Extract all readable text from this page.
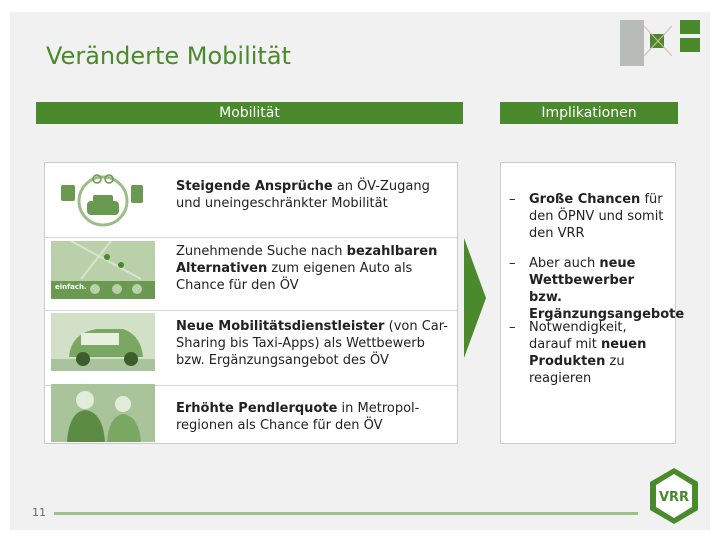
Veränderte Mobilität
Mobilität	Implikationen
Steigende Ansprüche an ÖV-Zugang und uneingeschränkter Mobilität
einfach.
Zunehmende Suche nach bezahlbaren Alternativen zum eigenen Auto als Chance für den ÖV
Neue Mobilitätsdienstleister (von Car-Sharing bis Taxi-Apps) als Wettbewerb bzw. Ergänzungsangebot des ÖV
Erhöhte Pendlerquote in Metropol-regionen als Chance für den ÖV
–	Große Chancen für den ÖPNV und somit den VRR
–	Aber auch neue Wettbewerber bzw. Ergänzungsangebote
–	Notwendigkeit, darauf mit neuen Produkten zu reagieren
11
VRR
